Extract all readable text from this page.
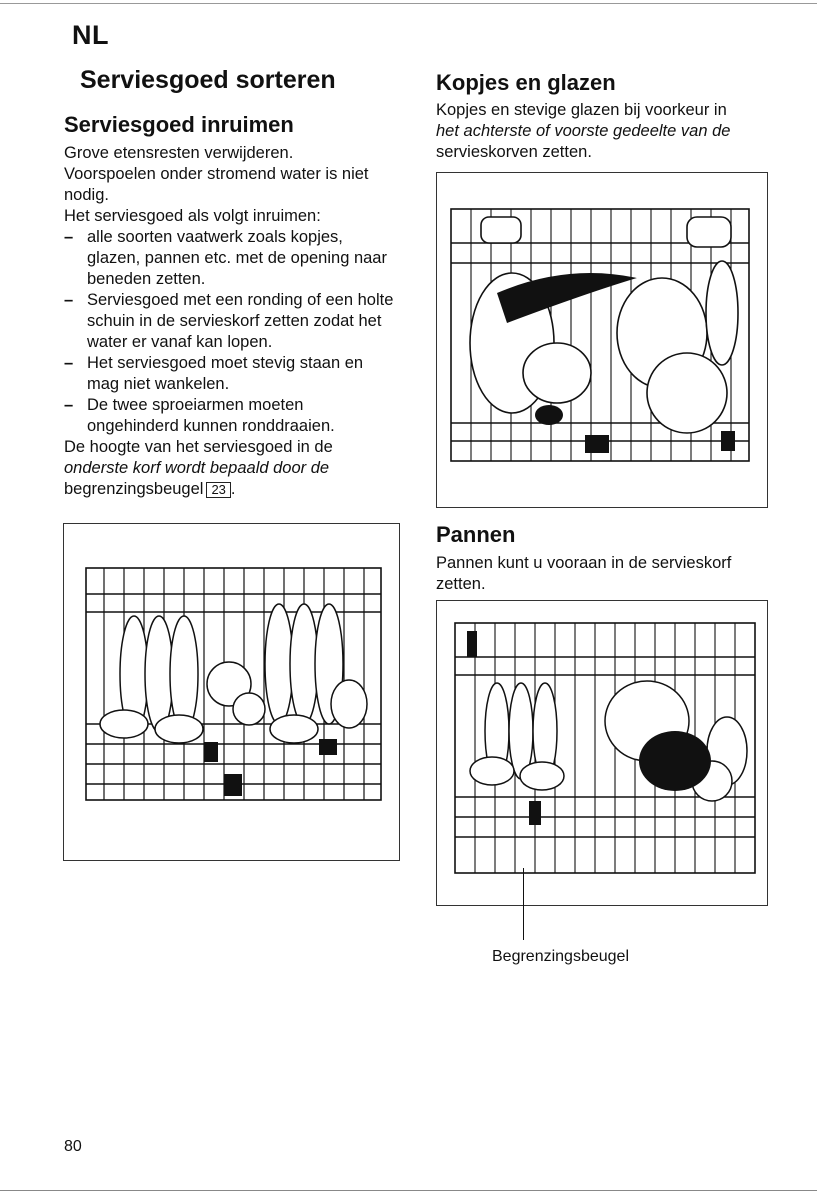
NL
Serviesgoed sorteren
Serviesgoed inruimen

Grove etensresten verwijderen.

Voorspoelen onder stromend water is niet nodig.

Het serviesgoed als volgt inruimen:

– alle soorten vaatwerk zoals kopjes, glazen, pannen etc. met de opening naar beneden zetten.
– Serviesgoed met een ronding of een holte schuin in de servieskorf zetten zodat het water er vanaf kan lopen.
– Het serviesgoed moet stevig staan en mag niet wankelen.
– De twee sproeiarmen moeten ongehinderd kunnen ronddraaien.

De hoogte van het serviesgoed in de
onderste korf wordt bepaald door de
begrenzingsbeugel 23 .

Kopjes en glazen
Kopjes en stevige glazen bij voorkeur in
het achterste of voorste gedeelte van de
servieskorven zetten.
Pannen
Pannen kunt u vooraan in de servieskorf
zetten.
Begrenzingsbeugel
80
